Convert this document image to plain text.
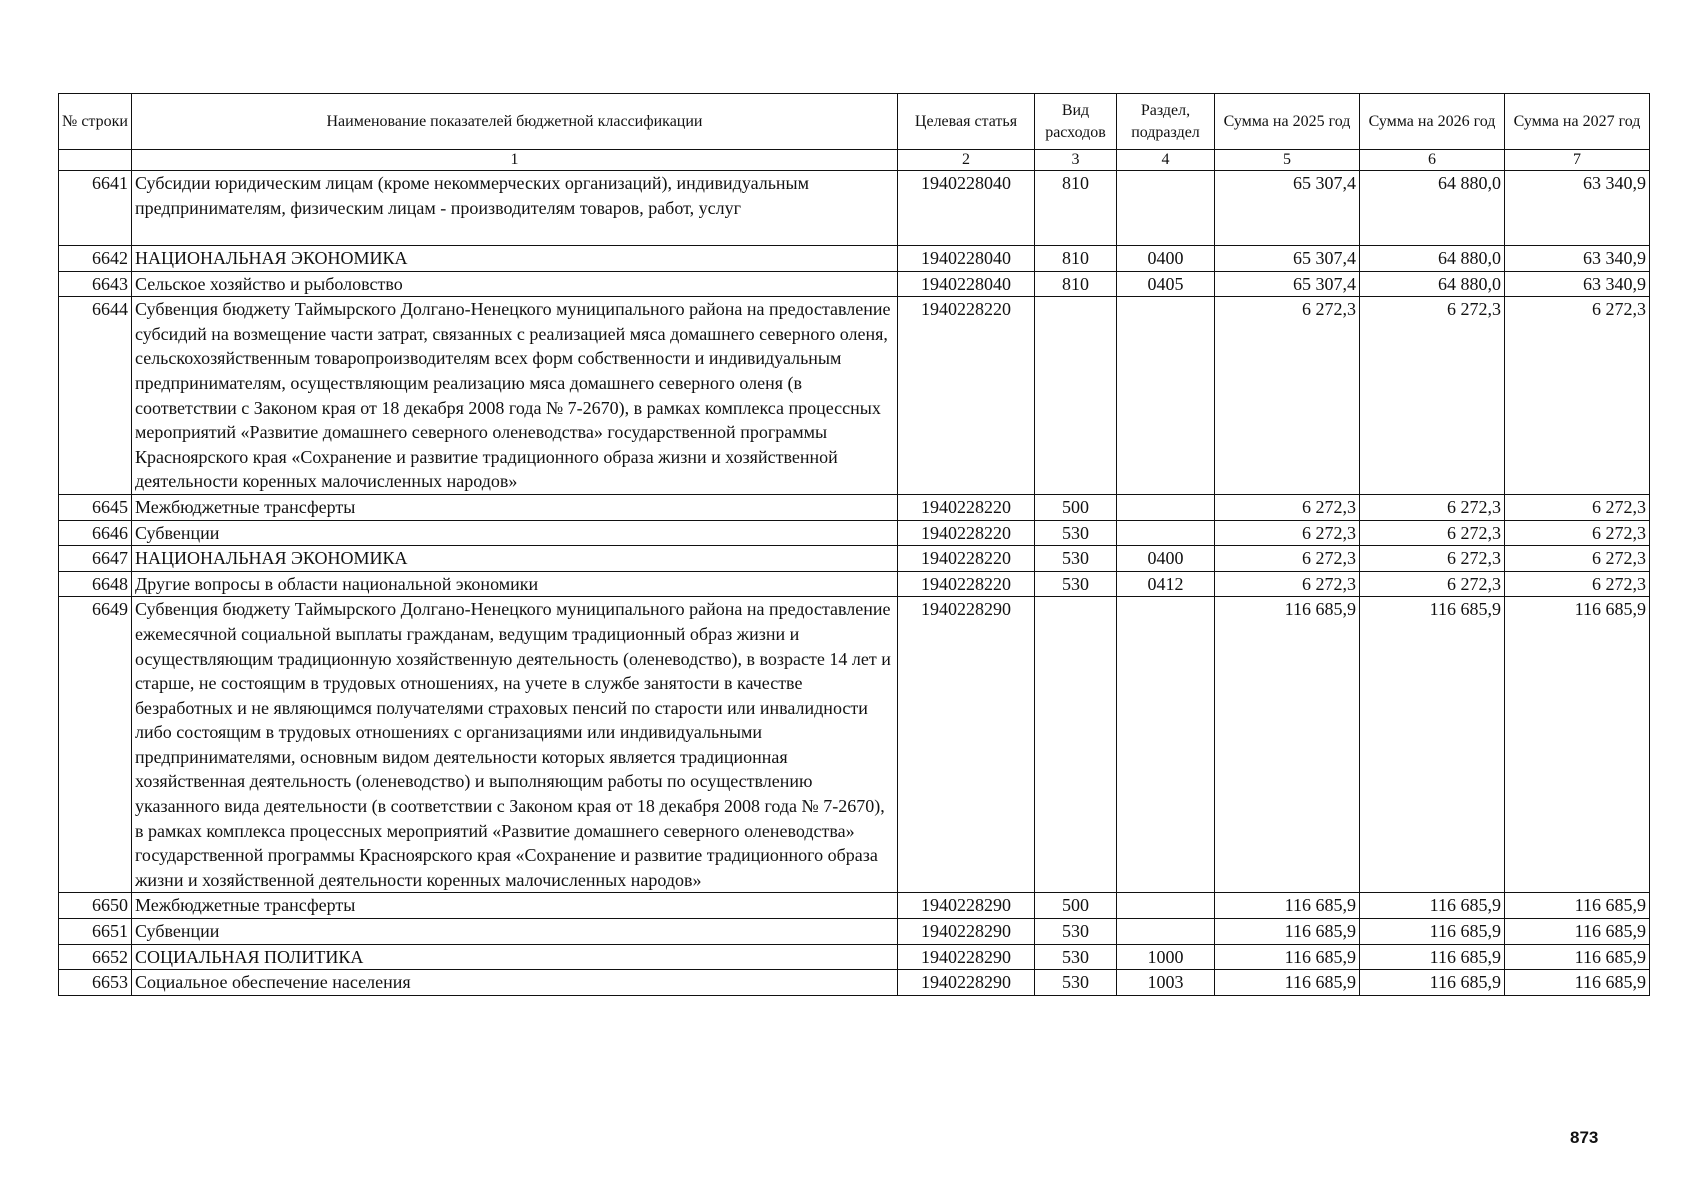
№ строки	Наименование показателей бюджетной классификации	Целевая статья	Вид расходов	Раздел, подраздел	Сумма на 2025 год	Сумма на 2026 год	Сумма на 2027 год
	1	2	3	4	5	6	7
6641	Субсидии юридическим лицам (кроме некоммерческих организаций), индивидуальным предпринимателям, физическим лицам - производителям товаров, работ, услуг	1940228040	810		65 307,4	64 880,0	63 340,9
6642	НАЦИОНАЛЬНАЯ ЭКОНОМИКА	1940228040	810	0400	65 307,4	64 880,0	63 340,9
6643	Сельское хозяйство и рыболовство	1940228040	810	0405	65 307,4	64 880,0	63 340,9
6644	Субвенция бюджету Таймырского Долгано-Ненецкого муниципального района на предоставление субсидий на возмещение части затрат, связанных с реализацией мяса домашнего северного оленя, сельскохозяйственным товаропроизводителям всех форм собственности и индивидуальным предпринимателям, осуществляющим реализацию мяса домашнего северного оленя (в соответствии с Законом края от 18 декабря 2008 года № 7-2670), в рамках комплекса процессных мероприятий «Развитие домашнего северного оленеводства» государственной программы Красноярского края «Сохранение и развитие традиционного образа жизни и хозяйственной деятельности коренных малочисленных народов»	1940228220			6 272,3	6 272,3	6 272,3
6645	Межбюджетные трансферты	1940228220	500		6 272,3	6 272,3	6 272,3
6646	Субвенции	1940228220	530		6 272,3	6 272,3	6 272,3
6647	НАЦИОНАЛЬНАЯ ЭКОНОМИКА	1940228220	530	0400	6 272,3	6 272,3	6 272,3
6648	Другие вопросы в области национальной экономики	1940228220	530	0412	6 272,3	6 272,3	6 272,3
6649	Субвенция бюджету Таймырского Долгано-Ненецкого муниципального района на предоставление ежемесячной социальной выплаты гражданам, ведущим традиционный образ жизни и осуществляющим традиционную хозяйственную деятельность (оленеводство), в возрасте 14 лет и старше, не состоящим в трудовых отношениях, на учете в службе занятости в качестве безработных и не являющимся получателями страховых пенсий по старости или инвалидности либо состоящим в трудовых отношениях с организациями или индивидуальными предпринимателями, основным видом деятельности которых является традиционная хозяйственная деятельность (оленеводство) и выполняющим работы по осуществлению указанного вида деятельности (в соответствии с Законом края от 18 декабря 2008 года № 7-2670), в рамках комплекса процессных мероприятий «Развитие домашнего северного оленеводства» государственной программы Красноярского края «Сохранение и развитие традиционного образа жизни и хозяйственной деятельности коренных малочисленных народов»	1940228290			116 685,9	116 685,9	116 685,9
6650	Межбюджетные трансферты	1940228290	500		116 685,9	116 685,9	116 685,9
6651	Субвенции	1940228290	530		116 685,9	116 685,9	116 685,9
6652	СОЦИАЛЬНАЯ ПОЛИТИКА	1940228290	530	1000	116 685,9	116 685,9	116 685,9
6653	Социальное обеспечение населения	1940228290	530	1003	116 685,9	116 685,9	116 685,9
873
